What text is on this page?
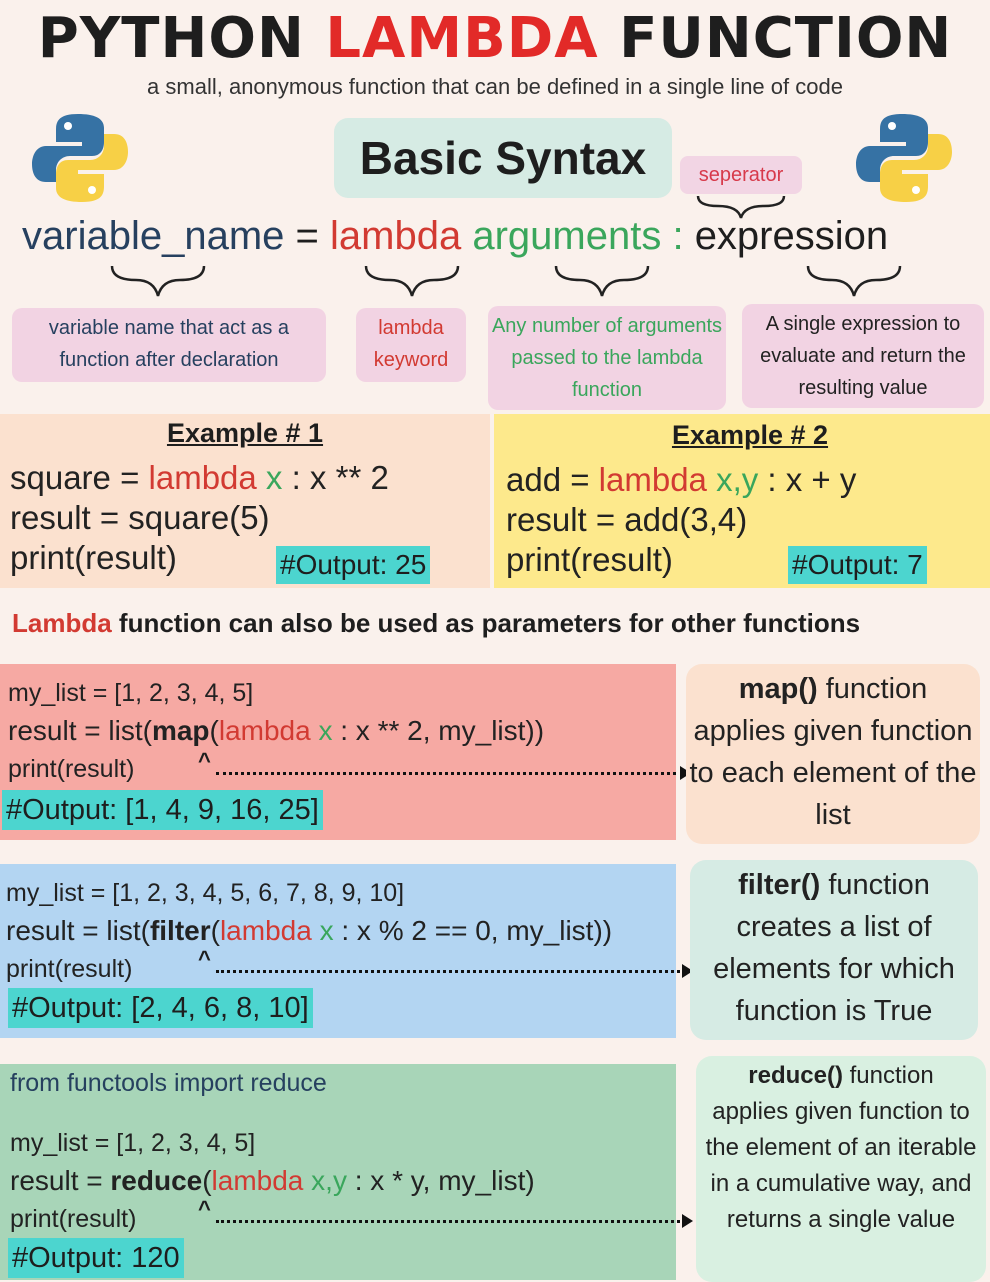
PYTHON LAMBDA FUNCTION
a small, anonymous function that can be defined in a single line of code
Basic Syntax	seperator
variable_name = lambda arguments : expression
variable name that act as a function after declaration
lambda keyword
Any number of arguments passed to the lambda function
A single expression to evaluate and return the resulting value
Example # 1
square = lambda x : x ** 2
result = square(5)
print(result)	#Output: 25
Example # 2
add = lambda x,y : x + y
result = add(3,4)
print(result)	#Output: 7
Lambda function can also be used as parameters for other functions
my_list = [1, 2, 3, 4, 5]
result = list(map(lambda x : x ** 2, my_list))
print(result)
#Output: [1, 4, 9, 16, 25]
^
map() function
applies given function to each element of the list
my_list = [1, 2, 3, 4, 5, 6, 7, 8, 9, 10]
result = list(filter(lambda x : x % 2 == 0, my_list))
print(result)
#Output: [2, 4, 6, 8, 10]
^
filter() function
creates a list of elements for which function is True
from functools import reduce
my_list = [1, 2, 3, 4, 5]
result = reduce(lambda x,y : x * y, my_list)
print(result)
#Output: 120
^
reduce() function
applies given function to the element of an iterable in a cumulative way, and returns a single value
